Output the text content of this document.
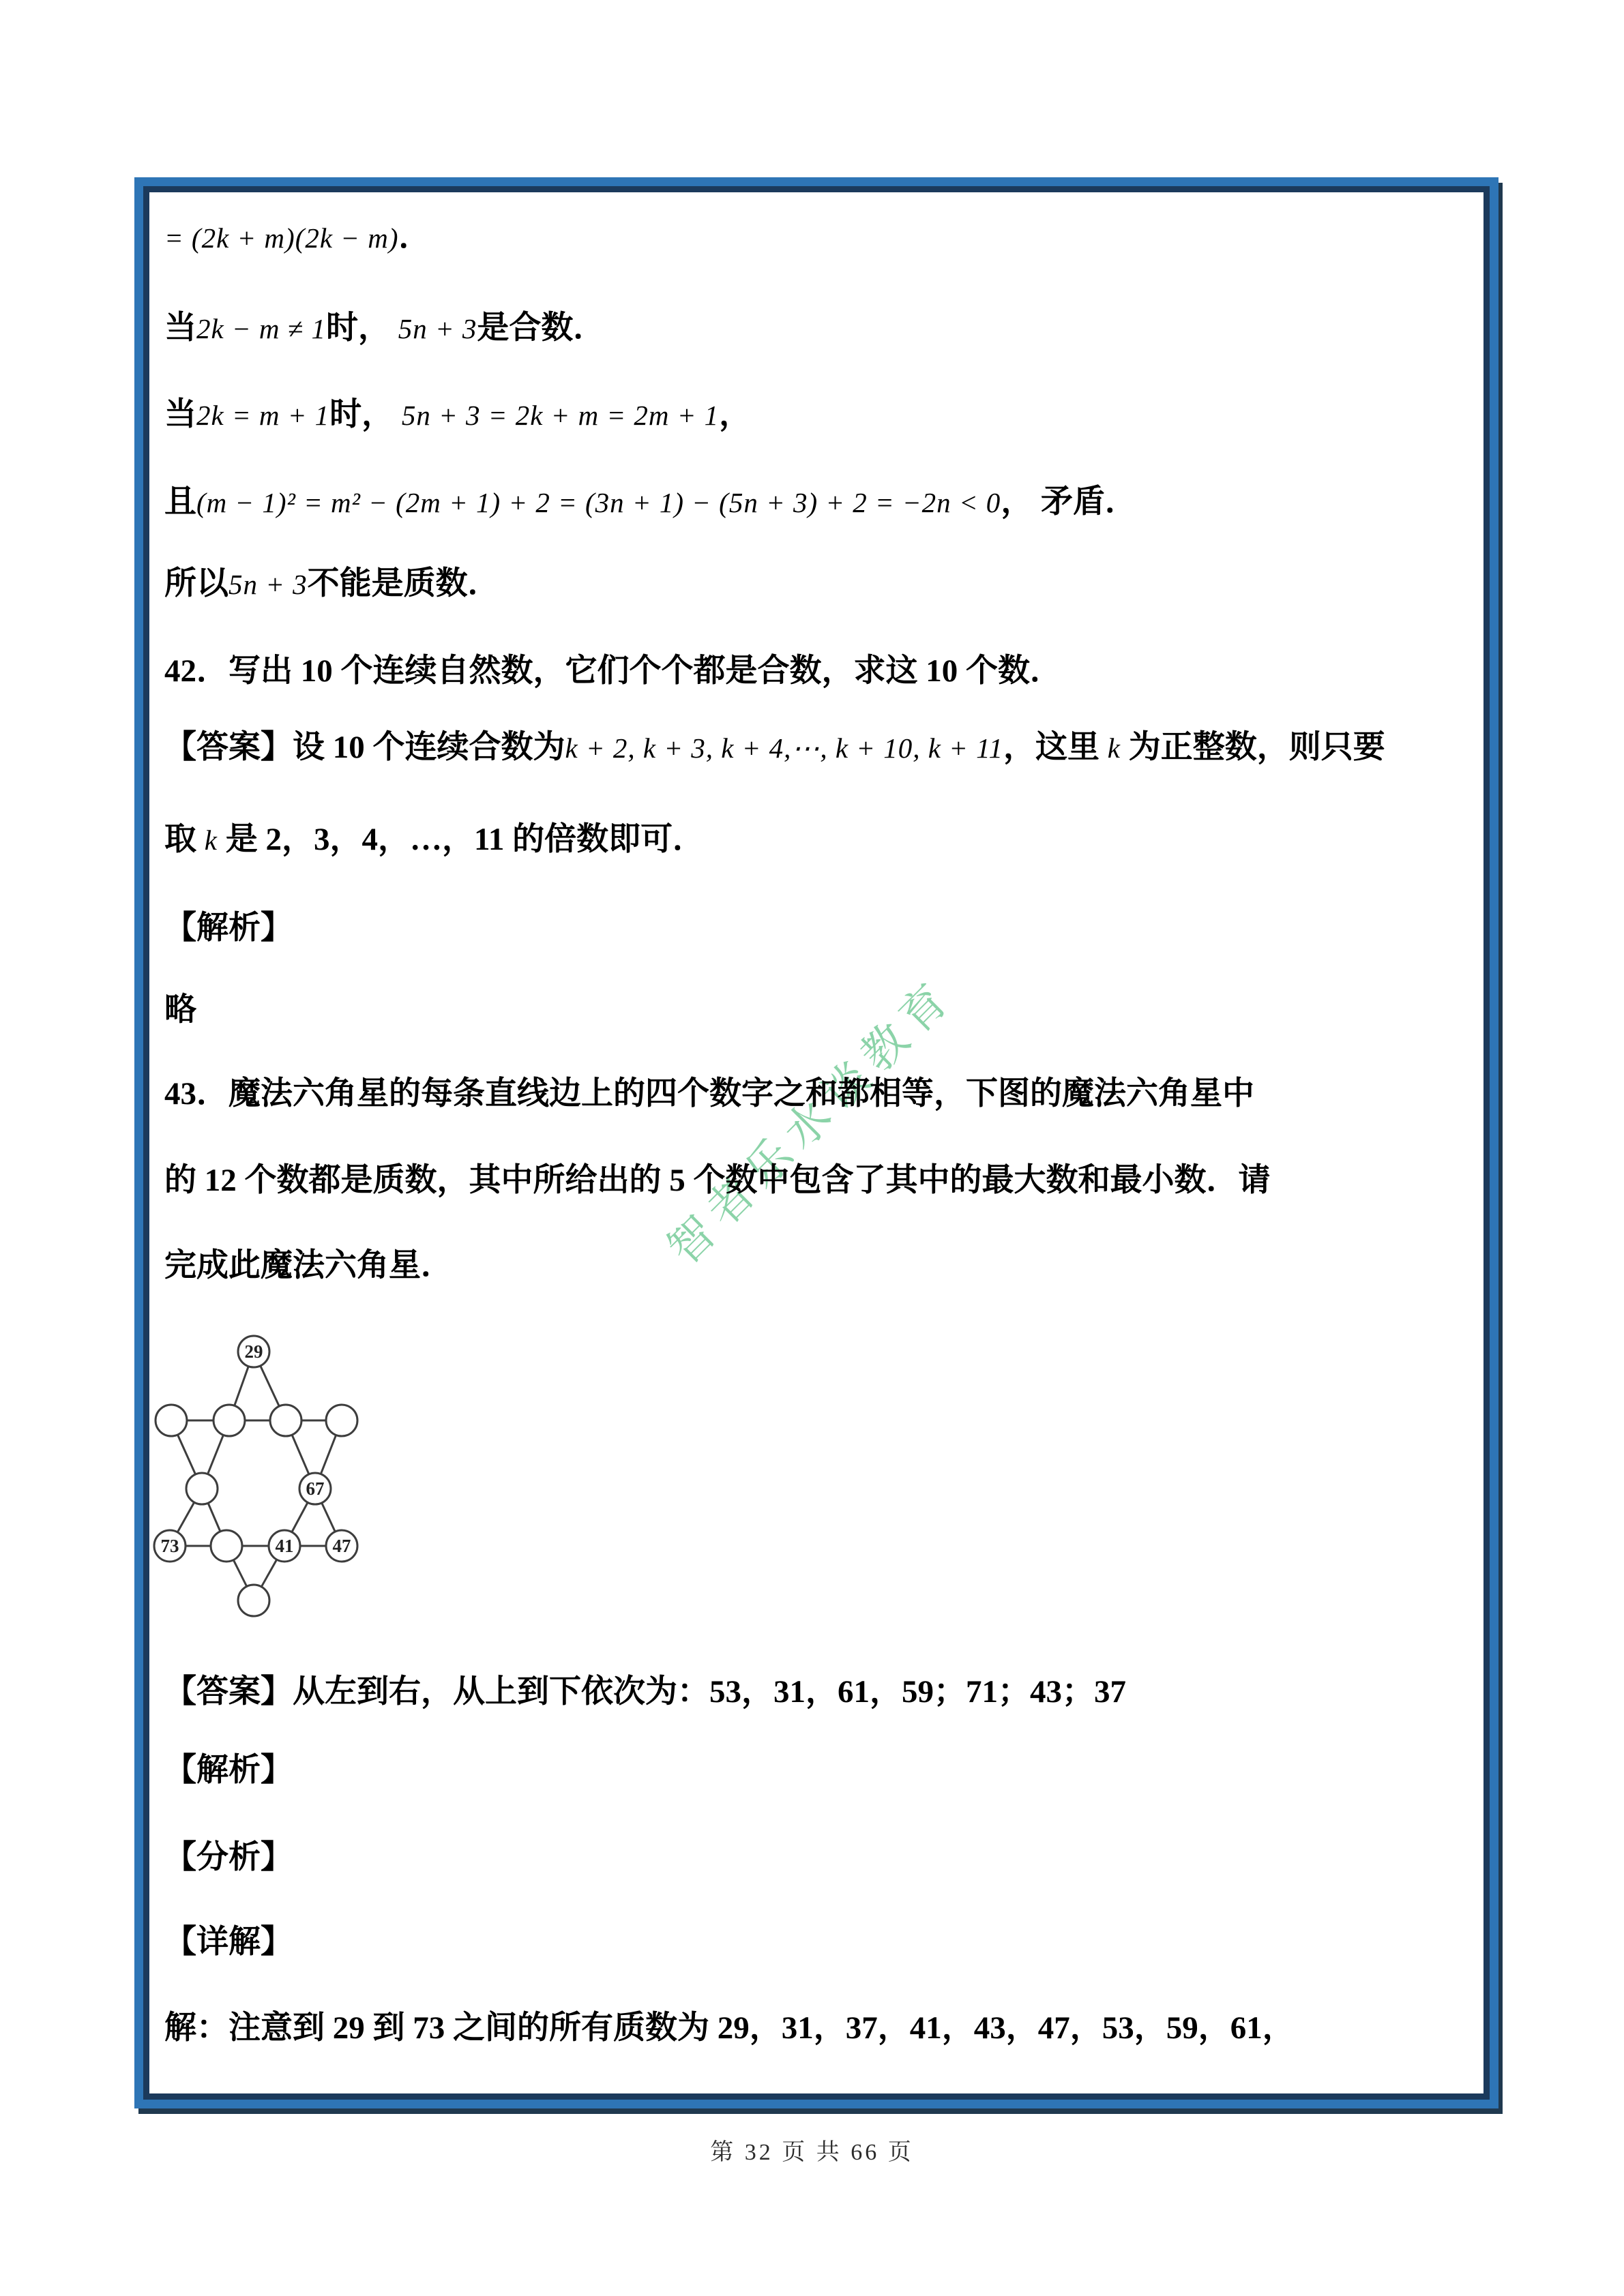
智者乐水谈教育

= (2k + m)(2k − m)．

当2k − m ≠ 1时， 5n + 3是合数．

当2k = m + 1时， 5n + 3 = 2k + m = 2m + 1，

且(m − 1)² = m² − (2m + 1) + 2 = (3n + 1) − (5n + 3) + 2 = −2n < 0， 矛盾．

所以5n + 3不能是质数．

42．写出 10 个连续自然数，它们个个都是合数，求这 10 个数．

【答案】设 10 个连续合数为k + 2, k + 3, k + 4,⋯, k + 10, k + 11，这里 k 为正整数，则只要

取 k 是 2，3，4，…，11 的倍数即可．

【解析】

略

43．魔法六角星的每条直线边上的四个数字之和都相等，下图的魔法六角星中

的 12 个数都是质数，其中所给出的 5 个数中包含了其中的最大数和最小数．请

完成此魔法六角星．

【答案】从左到右，从上到下依次为：53，31，61，59；71；43；37

【解析】

【分析】

【详解】

解：注意到 29 到 73 之间的所有质数为 29，31，37，41，43，47，53，59，61，

29
67
73	41 47
第 32 页 共 66 页
